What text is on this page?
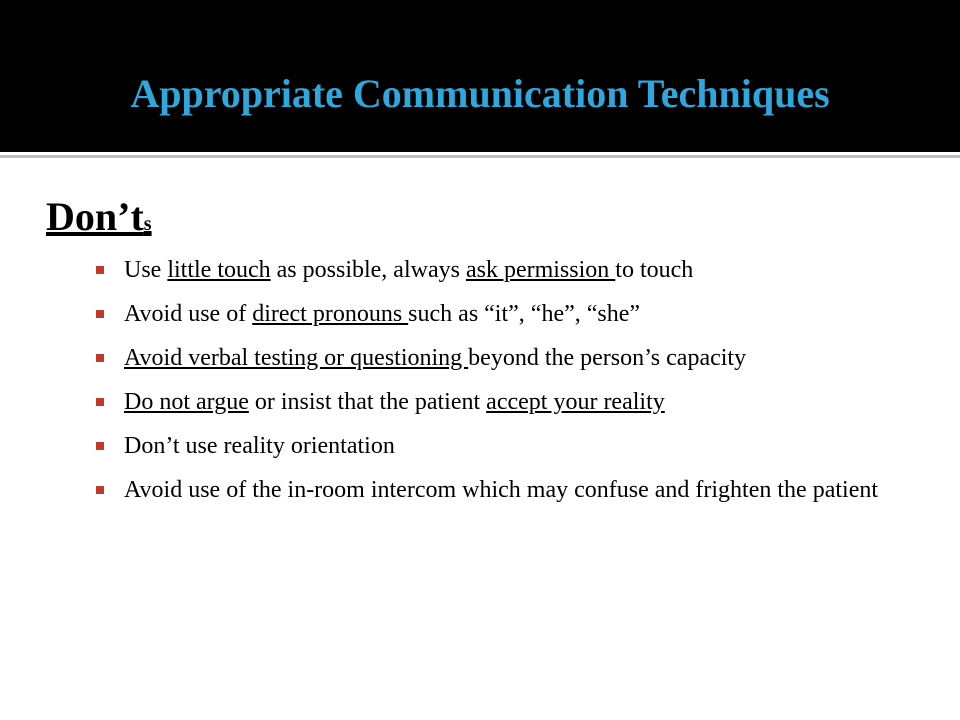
Appropriate Communication Techniques
Don’ts
Use little touch as possible, always ask permission to touch
Avoid use of direct pronouns such as “it”, “he”, “she”
Avoid verbal testing or questioning beyond the person’s capacity
Do not argue or insist that the patient accept your reality
Don’t use reality orientation
Avoid use of the in-room intercom which may confuse and frighten the patient
